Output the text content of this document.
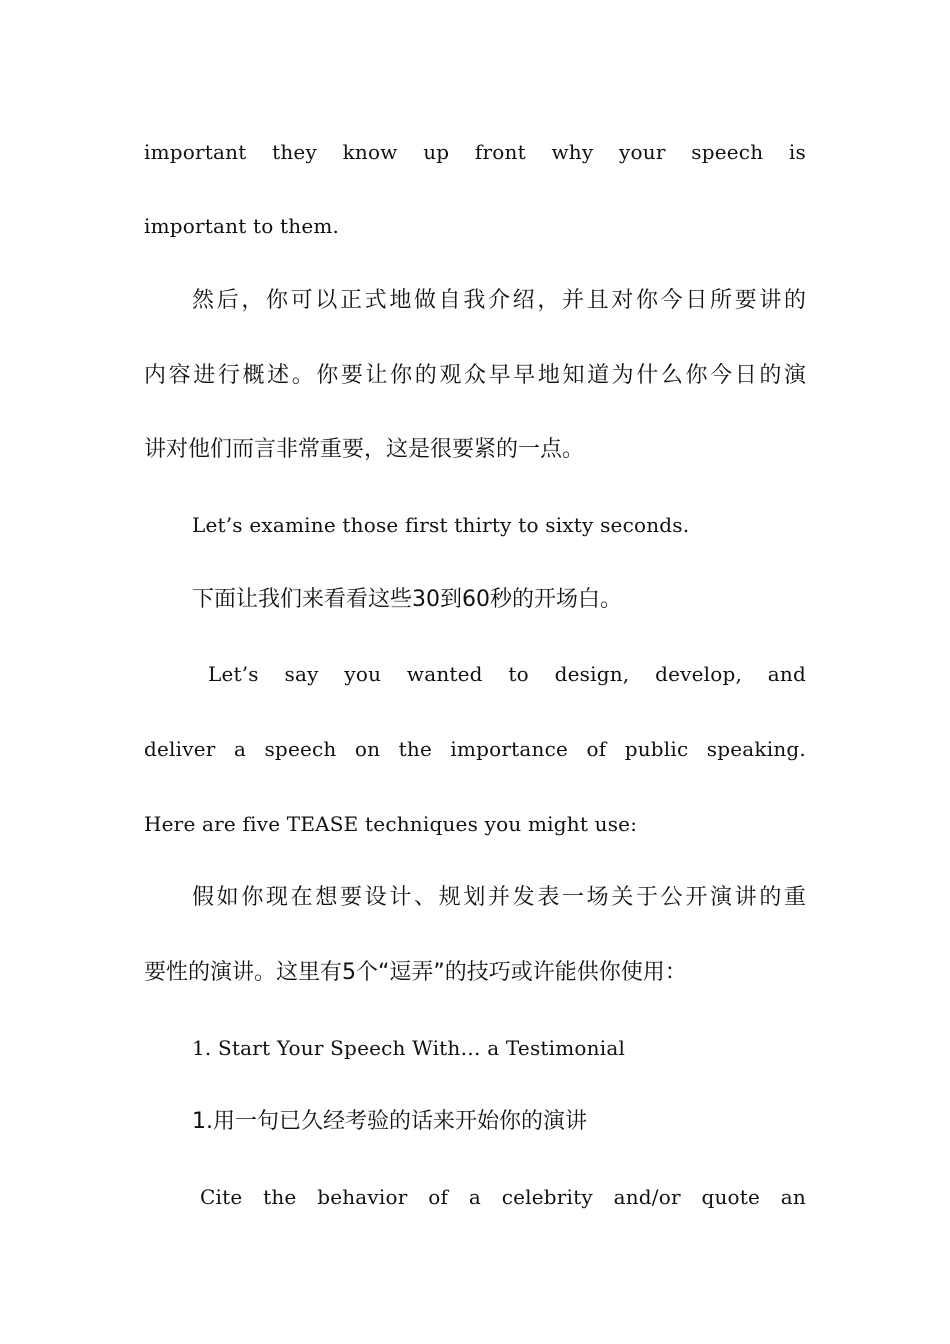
important they know up front why your speech is
important to them.
然后，你可以正式地做自我介绍，并且对你今日所要讲的
内容进行概述。你要让你的观众早早地知道为什么你今日的演
讲对他们而言非常重要，这是很要紧的一点。
Let’s examine those first thirty to sixty seconds.
下面让我们来看看这些30到60秒的开场白。
Let’s say you wanted to design, develop, and
deliver a speech on the importance of public speaking.
Here are five TEASE techniques you might use:
假如你现在想要设计、规划并发表一场关于公开演讲的重
要性的演讲。这里有5个“逗弄”的技巧或许能供你使用：
1. Start Your Speech With… a Testimonial
1.用一句已久经考验的话来开始你的演讲
Cite the behavior of a celebrity and/or quote an
